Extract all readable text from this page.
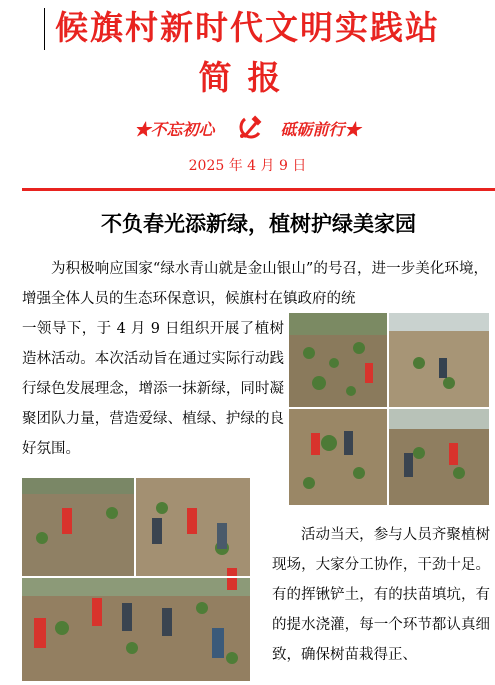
候旗村新时代文明实践站
简报
★不忘初心	砥砺前行★
2025 年 4 月 9 日
不负春光添新绿，植树护绿美家园

为积极响应国家“绿水青山就是金山银山”的号召，进一步美化环境，增强全体人员的生态环保意识，候旗村在镇政府的统

一领导下，于 4 月 9 日组织开展了植树造林活动。本次活动旨在通过实际行动践行绿色发展理念，增添一抹新绿，同时凝聚团队力量，营造爱绿、植绿、护绿的良好氛围。

活动当天，参与人员齐聚植树现场，大家分工协作，干劲十足。有的挥锹铲土，有的扶苗填坑，有的提水浇灌，每一个环节都认真细致，确保树苗栽得正、
